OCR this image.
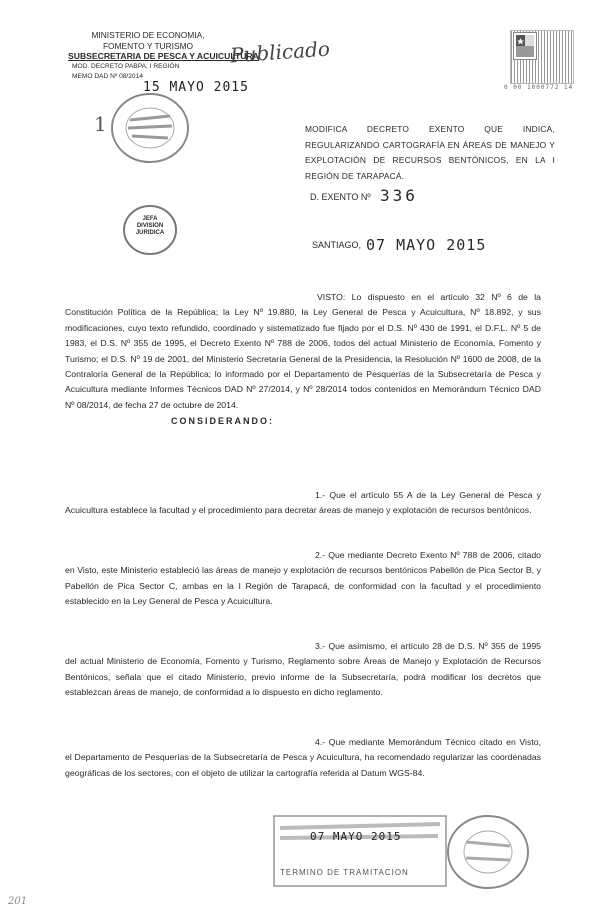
MINISTERIO DE ECONOMIA,
FOMENTO Y TURISMO
SUBSECRETARIA DE PESCA Y ACUICULTURA
MOD. DECRETO PABPA, I REGIÓN
MEMO DAD Nº 08/2014
Publicado
0 00 1000772 14
1
15 MAYO 2015
JEFA
DIVISION
JURIDICA
MODIFICA DECRETO EXENTO QUE INDICA, REGULARIZANDO CARTOGRAFÍA EN ÁREAS DE MANEJO Y EXPLOTACIÓN DE RECURSOS BENTÓNICOS, EN LA I REGIÓN DE TARAPACÁ.
D. EXENTO Nº 336
SANTIAGO, 07 MAYO 2015

VISTO: Lo dispuesto en el artículo 32 Nº 6 de la Constitución Política de la República; la Ley Nº 19.880, la Ley General de Pesca y Acuicultura, Nº 18.892, y sus modificaciones, cuyo texto refundido, coordinado y sistematizado fue fijado por el D.S. Nº 430 de 1991, el D.F.L. Nº 5 de 1983, el D.S. Nº 355 de 1995, el Decreto Exento Nº 788 de 2006, todos del actual Ministerio de Economía, Fomento y Turismo; el D.S. Nº 19 de 2001, del Ministerio Secretaría General de la Presidencia, la Resolución Nº 1600 de 2008, de la Contraloría General de la República; lo informado por el Departamento de Pesquerías de la Subsecretaría de Pesca y Acuicultura mediante Informes Técnicos DAD Nº 27/2014, y Nº 28/2014 todos contenidos en Memorándum Técnico DAD Nº 08/2014, de fecha 27 de octubre de 2014.

CONSIDERANDO:

1.- Que el artículo 55 A de la Ley General de Pesca y Acuicultura establece la facultad y el procedimiento para decretar áreas de manejo y explotación de recursos bentónicos.

2.- Que mediante Decreto Exento Nº 788 de 2006, citado en Visto, este Ministerio estableció las áreas de manejo y explotación de recursos bentónicos Pabellón de Pica Sector B, y Pabellón de Pica Sector C, ambas en la I Región de Tarapacá, de conformidad con la facultad y el procedimiento establecido en la Ley General de Pesca y Acuicultura.

3.- Que asimismo, el artículo 28 de D.S. Nº 355 de 1995 del actual Ministerio de Economía, Fomento y Turismo, Reglamento sobre Áreas de Manejo y Explotación de Recursos Bentónicos, señala que el citado Ministerio, previo informe de la Subsecretaría, podrá modificar los decretos que establezcan áreas de manejo, de conformidad a lo dispuesto en dicho reglamento.

4.- Que mediante Memorándum Técnico citado en Visto, el Departamento de Pesquerías de la Subsecretaría de Pesca y Acuicultura, ha recomendado regularizar las coordenadas geográficas de los sectores, con el objeto de utilizar la cartografía referida al Datum WGS-84.

07 MAYO 2015
TERMINO DE TRAMITACION
201
